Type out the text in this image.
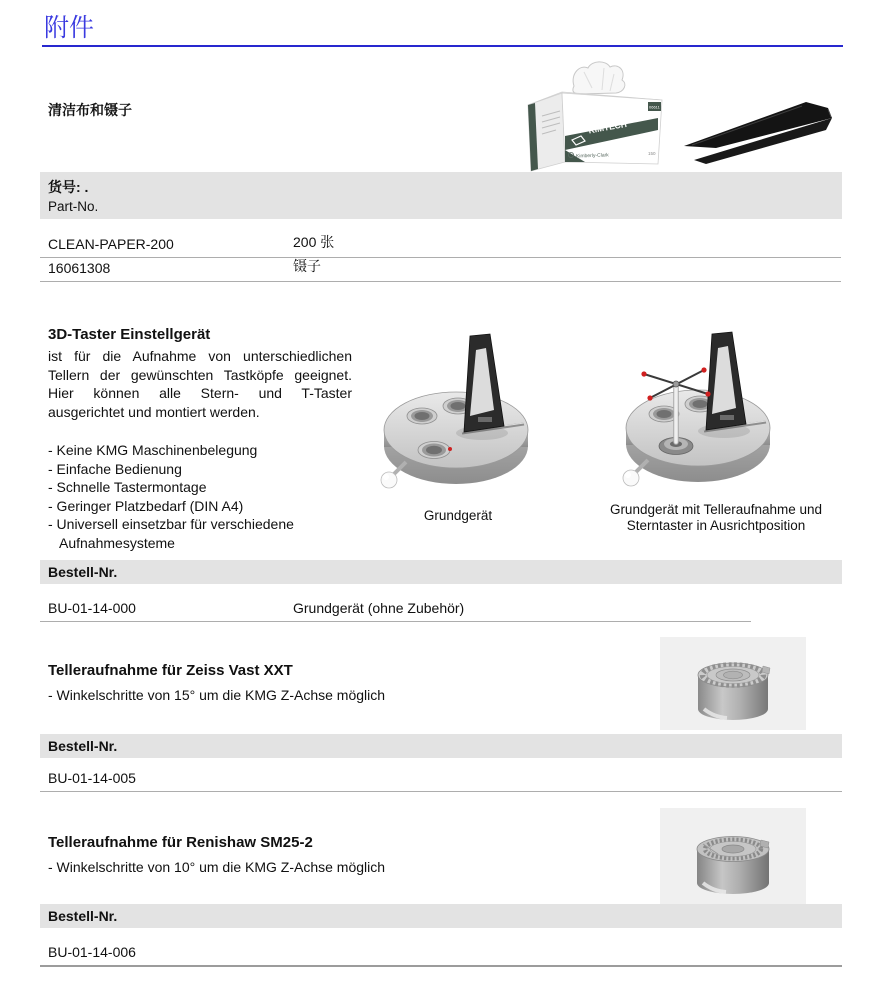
附件
清洁布和镊子	06611
KIMTECH
150
Kimberly-Clark
货号: .
Part-No.
CLEAN-PAPER-200	200 张
16061308	镊子
3D-Taster Einstellgerät
ist für die Aufnahme von unterschiedlichen Tellern der gewünschten Tastköpfe geeignet. Hier können alle Stern- und T-Taster ausgerichtet und montiert werden.
- Keine KMG Maschinenbelegung
- Einfache Bedienung
- Schnelle Tastermontage
- Geringer Platzbedarf (DIN A4)
- Universell einsetzbar für verschiedene Aufnahmesysteme
Grundgerät	Grundgerät mit Telleraufnahme und Sterntaster in Ausrichtposition
Bestell-Nr.
BU-01-14-000	Grundgerät (ohne Zubehör)
Telleraufnahme für Zeiss Vast XXT
- Winkelschritte von 15° um die KMG Z-Achse möglich
Bestell-Nr.
BU-01-14-005
Telleraufnahme für Renishaw SM25-2
- Winkelschritte von 10° um die KMG Z-Achse möglich
Bestell-Nr.
BU-01-14-006
